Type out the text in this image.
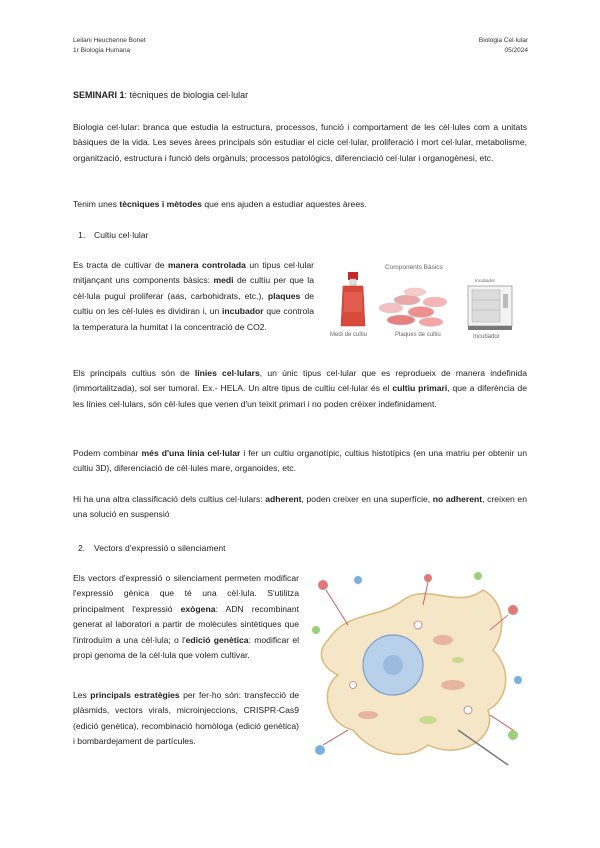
Leilani Heuchenne Bonet
1r Biologia Humana
Biologia Cel·lular
05/2024
SEMINARI 1: tècniques de biologia cel·lular
Biologia cel·lular: branca que estudia la estructura, processos, funció i comportament de les cèl·lules com a unitats bàsiques de la vida. Les seves àrees principals són estudiar el cicle cel·lular, proliferació i mort cel·lular, metabolisme, organització, estructura i funció dels orgànuls; processos patològics, diferenciació cel·lular i organogènesi, etc.
Tenim unes tècniques i mètodes que ens ajuden a estudiar aquestes àrees.
1. Cultiu cel·lular
Es tracta de cultivar de manera controlada un tipus cel·lular mitjançant uns components bàsics: medi de cultiu per que la cèl·lula pugui proliferar (aas, carbohidrats, etc.), plaques de cultiu on les cèl·lules es dividiran i, un incubador que controla la temperatura la humitat i la concentració de CO2.
Components Bàsics
Incubador
Medi de cultiu	Plaques de cultiu	Incubador
Els principals cultius són de línies cel·lulars, un únic tipus cel·lular que es reprodueix de manera indefinida (immortalitzada), sol ser tumoral. Ex.- HELA. Un altre tipus de cultiu cel·lular és el cultiu primari, que a diferència de les línies cel·lulars, són cèl·lules que venen d'un teixit primari i no poden créixer indefinidament.
Podem combinar més d'una línia cel·lular i fer un cultiu organotípic, cultius histotípics (en una matriu per obtenir un cultiu 3D), diferenciació de cèl·lules mare, organoides, etc.
Hi ha una altra classificació dels cultius cel·lulars: adherent, poden creixer en una superfície, no adherent, creixen en una solució en suspensió
2. Vectors d'expressió o silenciament
Els vectors d'expressió o silenciament permeten modificar l'expressió gènica que té una cèl·lula. S'utilitza principalment l'expressió exògena: ADN recombinant generat al laboratori a partir de molècules sintètiques que l'introduïm a una cèl·lula; o l'edició genètica: modificar el propi genoma de la cèl·lula que volem cultivar.
Les principals estratègies per fer-ho són: transfecció de plàsmids, vectors virals, microinjeccions, CRISPR-Cas9 (edició genètica), recombinació homòloga (edició genètica) i bombardejament de partícules.
